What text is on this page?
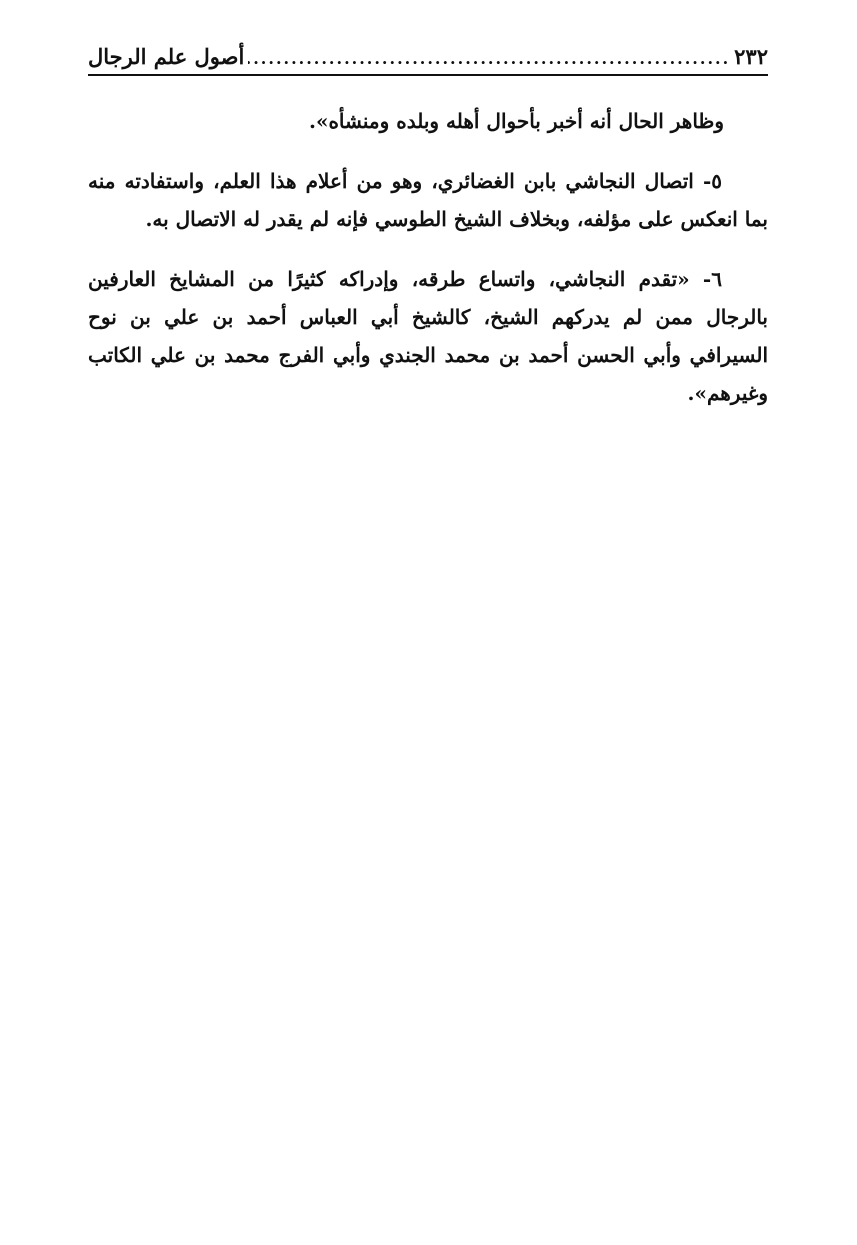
٢٣٢
.....
أصول علم الرجال

وظاهر الحال أنه أخبر بأحوال أهله وبلده ومنشأه».

٥- اتصال النجاشي بابن الغضائري، وهو من أعلام هذا العلم، واستفادته منه بما انعكس على مؤلفه، وبخلاف الشيخ الطوسي فإنه لم يقدر له الاتصال به.

٦- «تقدم النجاشي، واتساع طرقه، وإدراكه كثيرًا من المشايخ العارفين بالرجال ممن لم يدركهم الشيخ، كالشيخ أبي العباس أحمد بن علي بن نوح السيرافي وأبي الحسن أحمد بن محمد الجندي وأبي الفرج محمد بن علي الكاتب وغيرهم».
